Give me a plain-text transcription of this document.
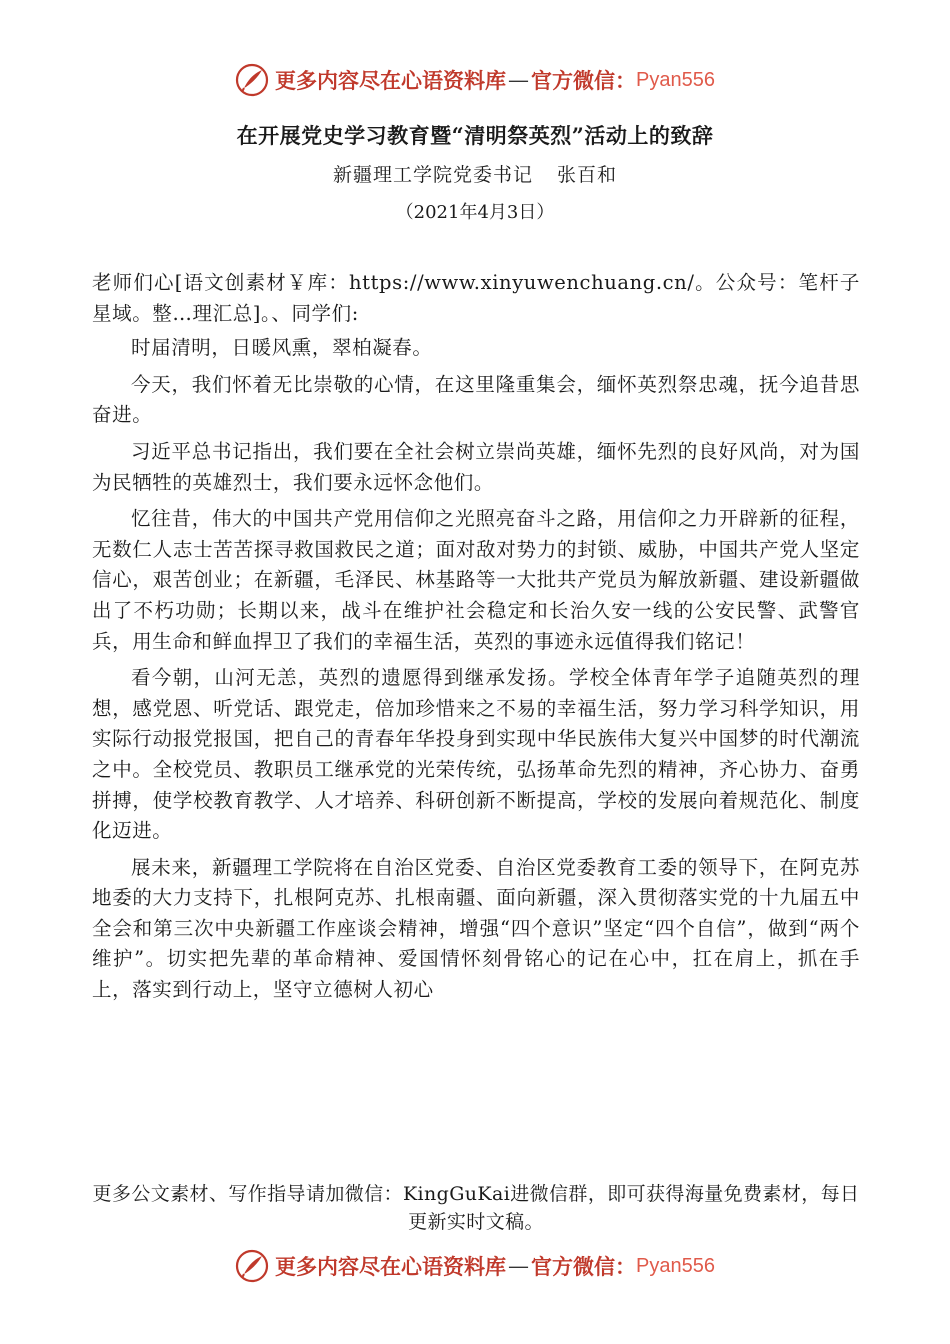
更多内容尽在心语资料库 — 官方微信： Pyan556
在开展党史学习教育暨“清明祭英烈”活动上的致辞
新疆理工学院党委书记 张百和
（2021年4月3日）

老师们心[语文创素材￥库：https://www.xinyuwenchuang.cn/。公众号：笔杆子星域。整…理汇总]。、同学们:

时届清明，日暖风熏，翠柏凝春。

今天，我们怀着无比崇敬的心情，在这里隆重集会，缅怀英烈祭忠魂，抚今追昔思奋进。

习近平总书记指出，我们要在全社会树立崇尚英雄，缅怀先烈的良好风尚，对为国为民牺牲的英雄烈士，我们要永远怀念他们。

忆往昔，伟大的中国共产党用信仰之光照亮奋斗之路，用信仰之力开辟新的征程，无数仁人志士苦苦探寻救国救民之道；面对敌对势力的封锁、威胁，中国共产党人坚定信心，艰苦创业；在新疆，毛泽民、林基路等一大批共产党员为解放新疆、建设新疆做出了不朽功勋；长期以来，战斗在维护社会稳定和长治久安一线的公安民警、武警官兵，用生命和鲜血捍卫了我们的幸福生活，英烈的事迹永远值得我们铭记！

看今朝，山河无恙，英烈的遗愿得到继承发扬。学校全体青年学子追随英烈的理想，感党恩、听党话、跟党走，倍加珍惜来之不易的幸福生活，努力学习科学知识，用实际行动报党报国，把自己的青春年华投身到实现中华民族伟大复兴中国梦的时代潮流之中。全校党员、教职员工继承党的光荣传统，弘扬革命先烈的精神，齐心协力、奋勇拼搏，使学校教育教学、人才培养、科研创新不断提高，学校的发展向着规范化、制度化迈进。

展未来，新疆理工学院将在自治区党委、自治区党委教育工委的领导下，在阿克苏地委的大力支持下，扎根阿克苏、扎根南疆、面向新疆，深入贯彻落实党的十九届五中全会和第三次中央新疆工作座谈会精神，增强“四个意识”坚定“四个自信”，做到“两个维护”。切实把先辈的革命精神、爱国情怀刻骨铭心的记在心中，扛在肩上，抓在手上，落实到行动上，坚守立德树人初心

更多公文素材、写作指导请加微信：KingGuKai进微信群，即可获得海量免费素材，每日更新实时文稿。
更多内容尽在心语资料库 — 官方微信： Pyan556
